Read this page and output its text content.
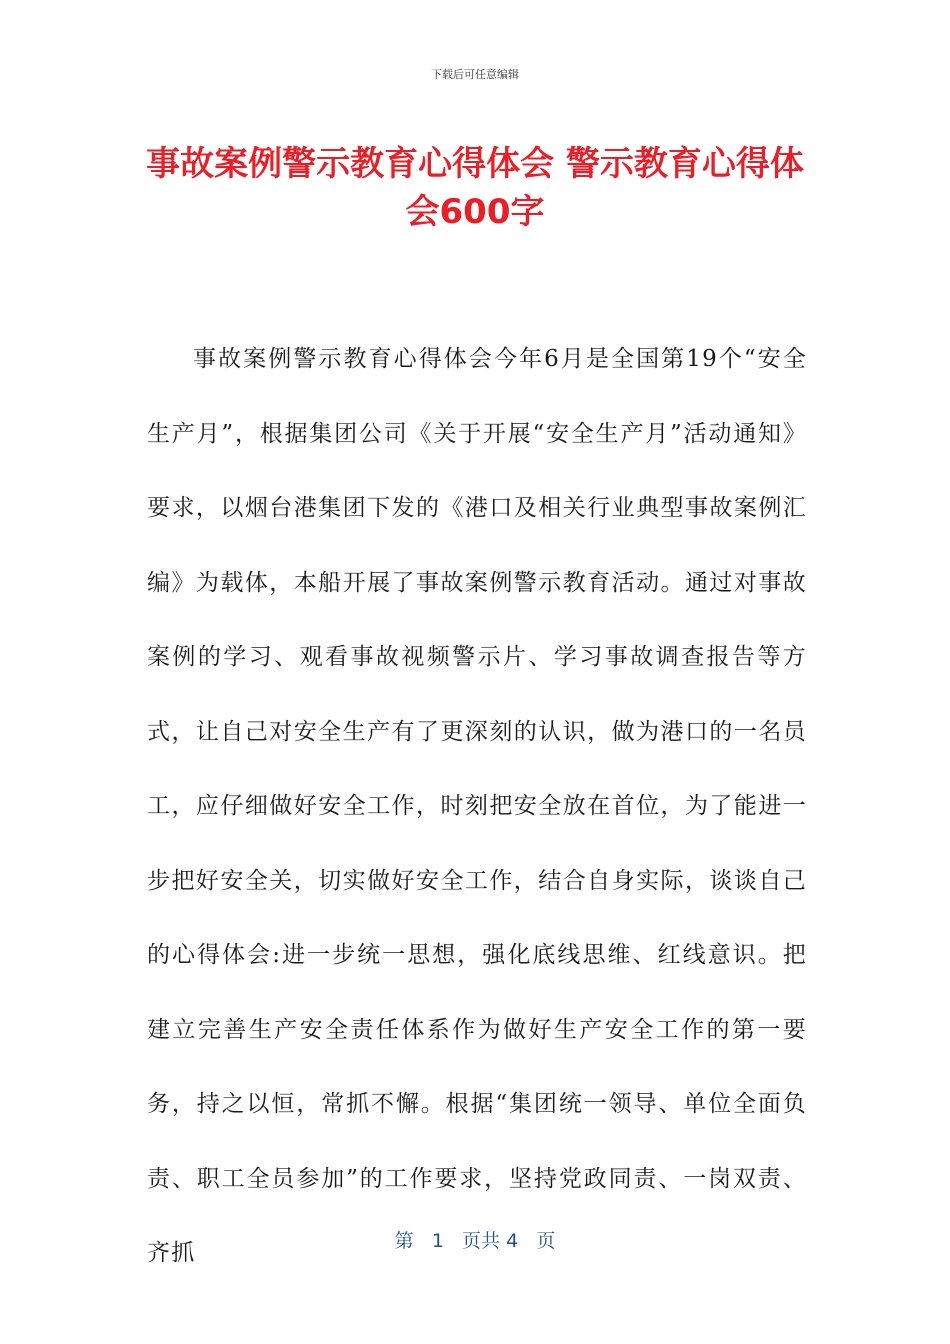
下载后可任意编辑
事故案例警示教育心得体会 警示教育心得体会600字

事故案例警示教育心得体会今年6月是全国第19个“安全生产月”，根据集团公司《关于开展“安全生产月”活动通知》要求，以烟台港集团下发的《港口及相关行业典型事故案例汇编》为载体，本船开展了事故案例警示教育活动。通过对事故案例的学习、观看事故视频警示片、学习事故调查报告等方式，让自己对安全生产有了更深刻的认识，做为港口的一名员工，应仔细做好安全工作，时刻把安全放在首位，为了能进一步把好安全关，切实做好安全工作，结合自身实际，谈谈自己的心得体会:进一步统一思想，强化底线思维、红线意识。把建立完善生产安全责任体系作为做好生产安全工作的第一要务，持之以恒，常抓不懈。根据“集团统一领导、单位全面负责、职工全员参加”的工作要求，坚持党政同责、一岗双责、齐抓	第 1 页共 4 页
